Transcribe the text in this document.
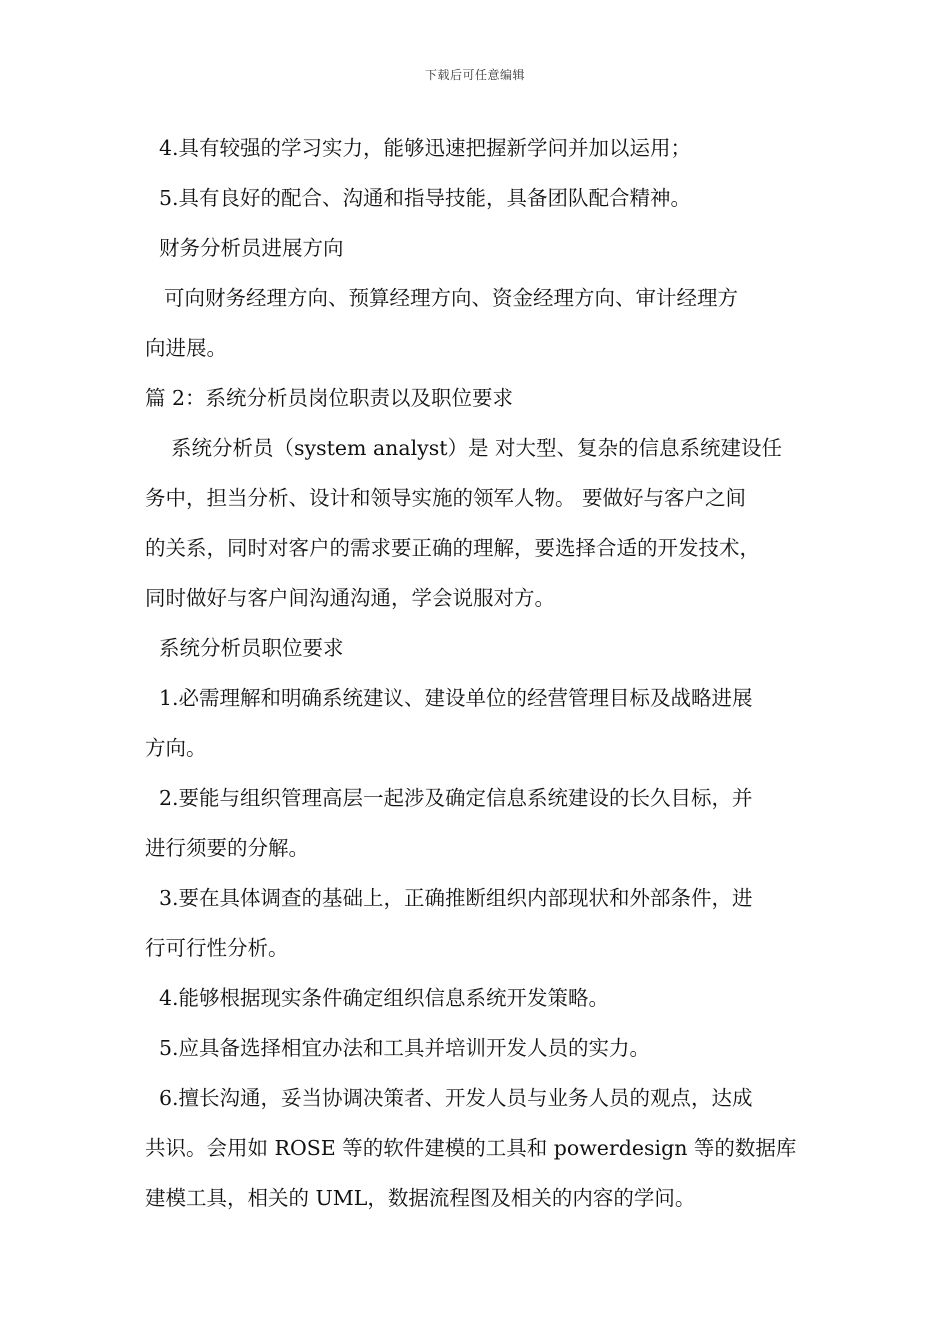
下载后可任意编辑
4.具有较强的学习实力，能够迅速把握新学问并加以运用；
5.具有良好的配合、沟通和指导技能，具备团队配合精神。
财务分析员进展方向
可向财务经理方向、预算经理方向、资金经理方向、审计经理方
向进展。
篇 2：系统分析员岗位职责以及职位要求
系统分析员（system analyst）是 对大型、复杂的信息系统建设任
务中，担当分析、设计和领导实施的领军人物。 要做好与客户之间
的关系，同时对客户的需求要正确的理解，要选择合适的开发技术，
同时做好与客户间沟通沟通，学会说服对方。
系统分析员职位要求
1.必需理解和明确系统建议、建设单位的经营管理目标及战略进展
方向。
2.要能与组织管理高层一起涉及确定信息系统建设的长久目标，并
进行须要的分解。
3.要在具体调查的基础上，正确推断组织内部现状和外部条件，进
行可行性分析。
4.能够根据现实条件确定组织信息系统开发策略。
5.应具备选择相宜办法和工具并培训开发人员的实力。
6.擅长沟通，妥当协调决策者、开发人员与业务人员的观点，达成
共识。会用如 ROSE 等的软件建模的工具和 powerdesign 等的数据库
建模工具，相关的 UML，数据流程图及相关的内容的学问。
